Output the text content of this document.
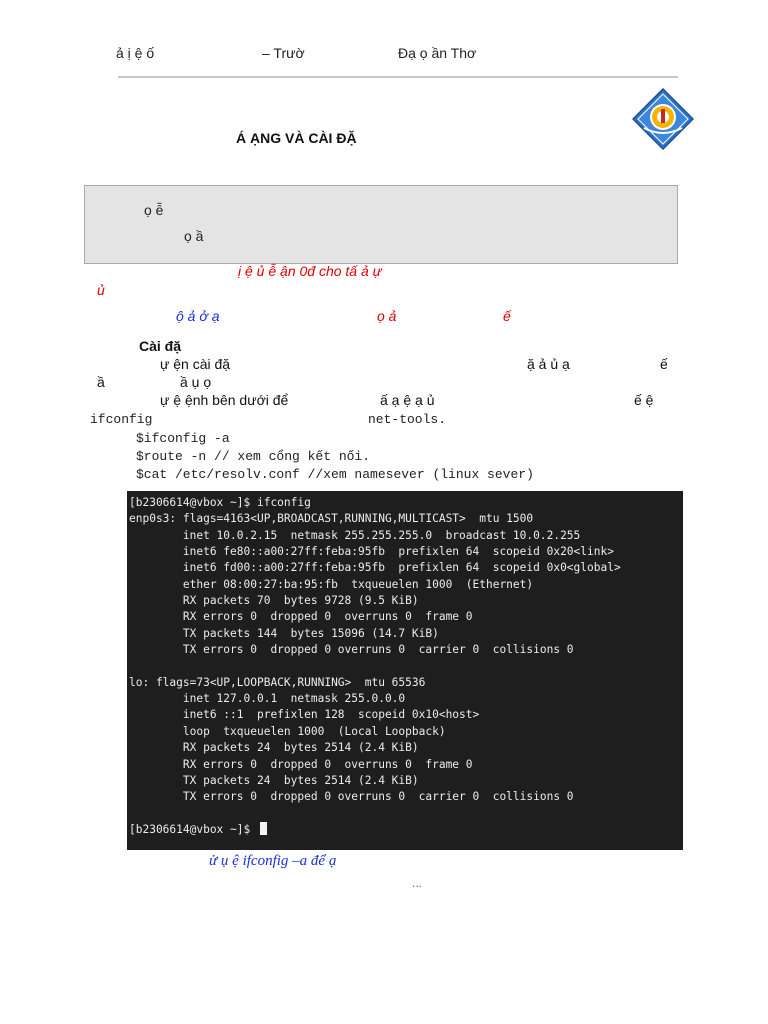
ả ị ệ ố	– Trườ	Đạ ọ ần Thơ
Á ẠNG VÀ CÀI ĐẶ
ọ ễ
ọ ầ
ị ệ ủ ễ ận 0đ cho tấ ả ự
ủ
ộ ả ở ạ	ọ ả	ế
Cài đặ
ự ện cài đặ	ặ ả ủ ạ	ế
ầ	ầ ụ ọ
ự ệ ệnh bên dưới để	ấ ạ ệ ạ ủ	ế ệ
ifconfig	net-tools.
$ifconfig -a
$route -n // xem cổng kết nối.
$cat /etc/resolv.conf //xem namesever (linux sever)
[b2306614@vbox ~]$ ifconfig
enp0s3: flags=4163<UP,BROADCAST,RUNNING,MULTICAST>  mtu 1500
inet 10.0.2.15  netmask 255.255.255.0  broadcast 10.0.2.255
inet6 fe80::a00:27ff:feba:95fb  prefixlen 64  scopeid 0x20<link>
inet6 fd00::a00:27ff:feba:95fb  prefixlen 64  scopeid 0x0<global>
ether 08:00:27:ba:95:fb  txqueuelen 1000  (Ethernet)
RX packets 70  bytes 9728 (9.5 KiB)
RX errors 0  dropped 0  overruns 0  frame 0
TX packets 144  bytes 15096 (14.7 KiB)
TX errors 0  dropped 0 overruns 0  carrier 0  collisions 0

lo: flags=73<UP,LOOPBACK,RUNNING>  mtu 65536
inet 127.0.0.1  netmask 255.0.0.0
inet6 ::1  prefixlen 128  scopeid 0x10<host>
loop  txqueuelen 1000  (Local Loopback)
RX packets 24  bytes 2514 (2.4 KiB)
RX errors 0  dropped 0  overruns 0  frame 0
TX packets 24  bytes 2514 (2.4 KiB)
TX errors 0  dropped 0 overruns 0  carrier 0  collisions 0

[b2306614@vbox ~]$
ử ụ ệ ifconfig –a để ạ
...
